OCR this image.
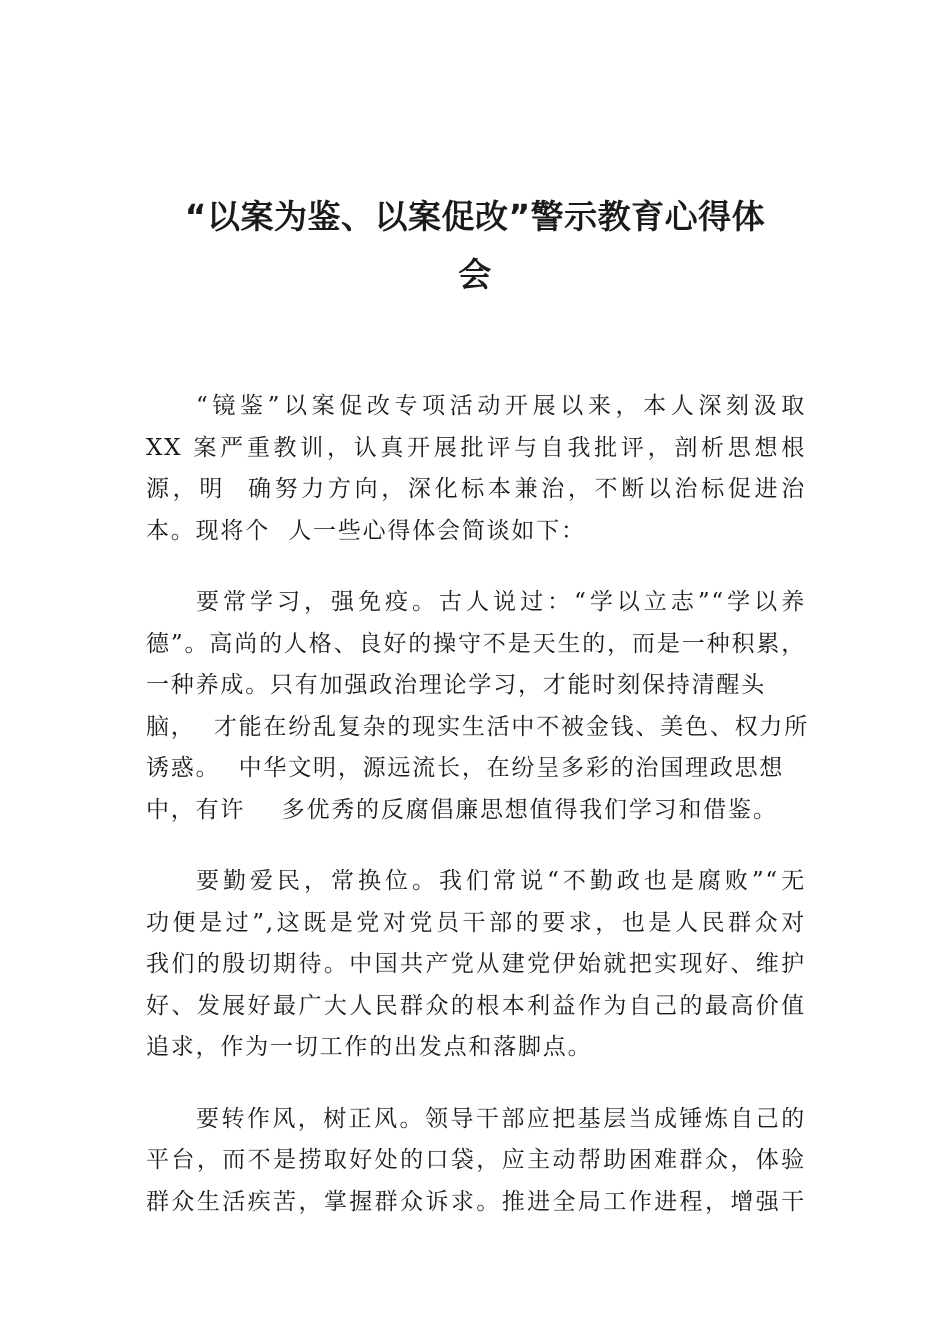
“以案为鉴、以案促改”警示教育心得体
会
“镜鉴”以案促改专项活动开展以来，本人深刻汲取
XX 案严重教训，认真开展批评与自我批评，剖析思想根
源，明  确努力方向，深化标本兼治，不断以治标促进治
本。现将个  人一些心得体会简谈如下：
要常学习，强免疫。古人说过：“学以立志”“学以养
德”。高尚的人格、良好的操守不是天生的，而是一种积累，
一种养成。只有加强政治理论学习，才能时刻保持清醒头
脑，  才能在纷乱复杂的现实生活中不被金钱、美色、权力所
诱惑。  中华文明，源远流长，在纷呈多彩的治国理政思想
中，有许    多优秀的反腐倡廉思想值得我们学习和借鉴。
要勤爱民，常换位。我们常说“不勤政也是腐败”“无
功便是过”,这既是党对党员干部的要求，也是人民群众对
我们的殷切期待。中国共产党从建党伊始就把实现好、维护
好、发展好最广大人民群众的根本利益作为自己的最高价值
追求，作为一切工作的出发点和落脚点。
要转作风，树正风。领导干部应把基层当成锤炼自己的
平台，而不是捞取好处的口袋，应主动帮助困难群众，体验
群众生活疾苦，掌握群众诉求。推进全局工作进程，增强干
